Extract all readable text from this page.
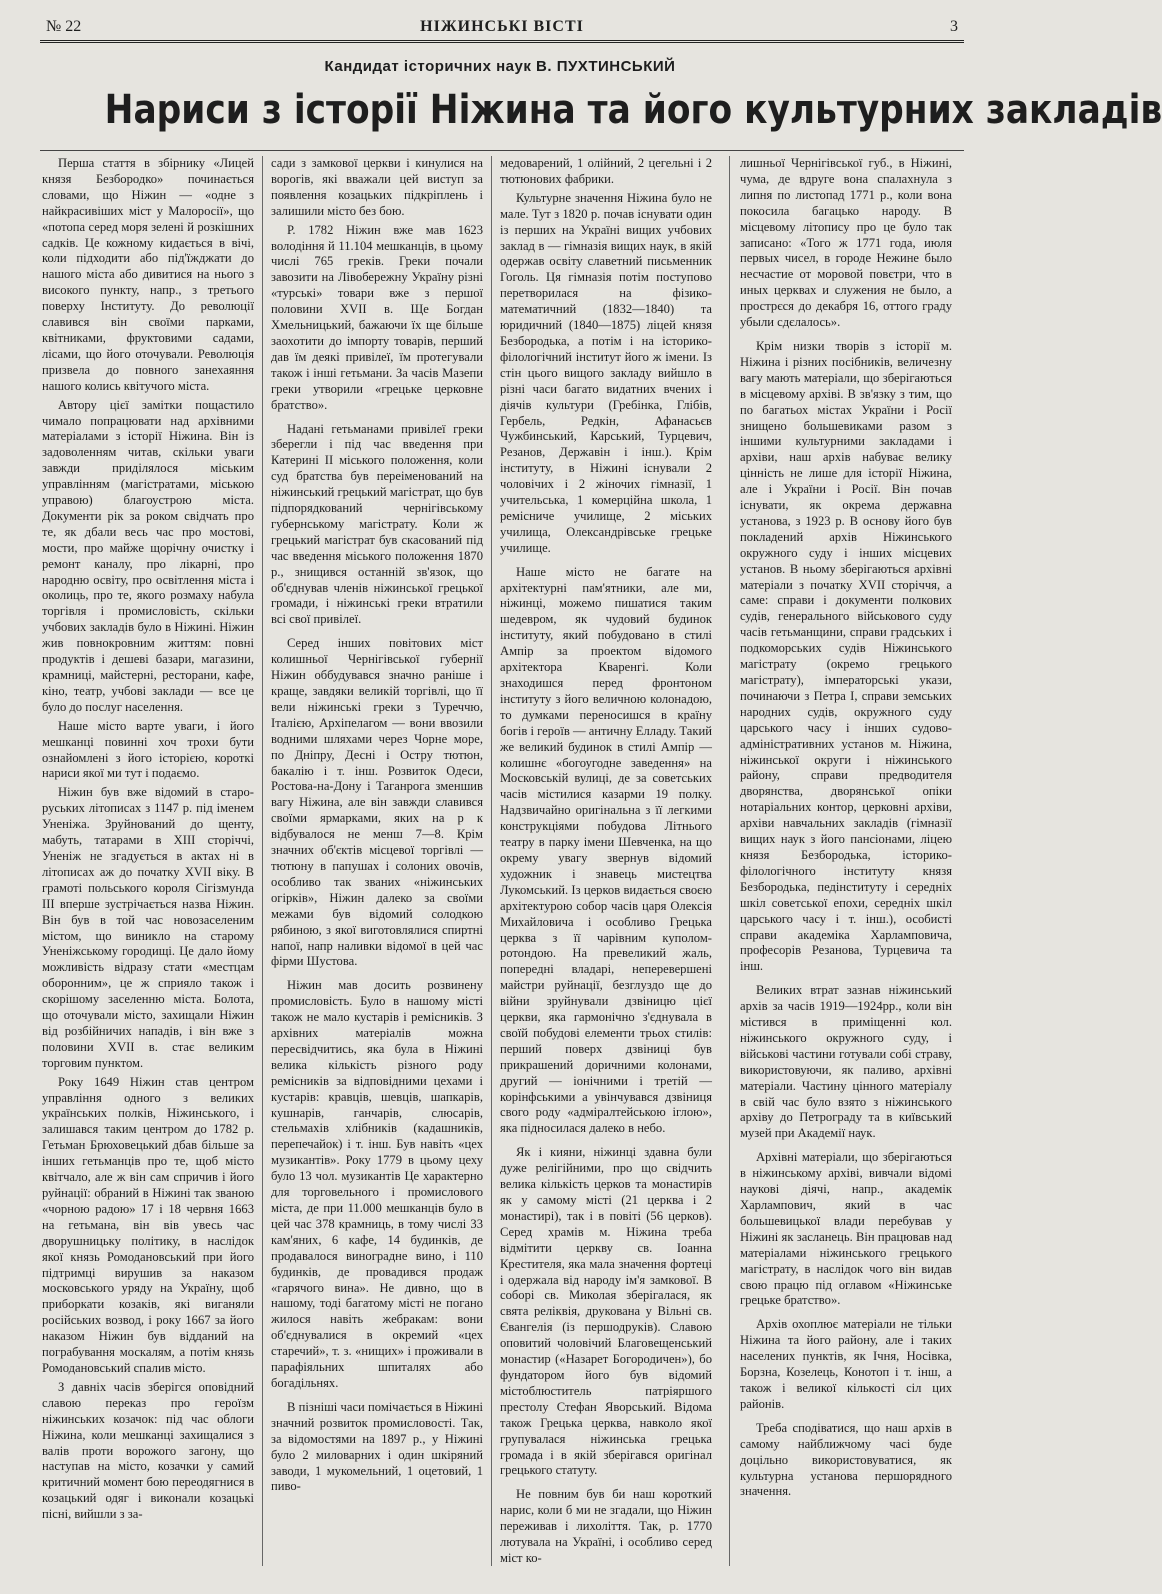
№ 22	НІЖИНСЬКІ ВІСТІ	3
Кандидат історичних наук В. ПУХТИНСЬКИЙ
Нариси з історії Ніжина та його культурних закладів

Перша стаття в збірнику «Лицей князя Безбородко» починається словами, що Ніжин — «одне з найкрасивіших міст у Малоросії», що «потопа серед моря зелені й розкішних садків. Це кожному кидається в вічі, коли підходити або під'їжджати до нашого міста або дивитися на нього з високого пункту, напр., з третього поверху Інституту. До революції славився він своїми парками, квітниками, фруктовими садами, лісами, що його оточували. Революція призвела до повного занехаяння нашого колись квітучого міста.

Автору цієї замітки пощастило чимало попрацювати над архівними матеріалами з історії Ніжина. Він із задоволенням читав, скільки уваги завжди приділялося міським управлінням (магістратами, міською управою) благоустрою міста. Документи рік за роком свідчать про те, як дбали весь час про мостові, мости, про майже щорічну очистку і ремонт каналу, про лікарні, про народню освіту, про освітлення міста і околиць, про те, якого розмаху набула торгівля і промисловість, скільки учбових закладів було в Ніжині. Ніжин жив повнокровним життям: повні продуктів і дешеві базари, магазини, крамниці, майстерні, ресторани, кафе, кіно, театр, учбові заклади — все це було до послуг населення.

Наше місто варте уваги, і його мешканці повинні хоч трохи бути ознайомлені з його історією, короткі нариси якої ми тут і подаємо.

Ніжин був вже відомий в староруських літописах з 1147 р. під іменем Уненіжа. Зруйнований до щенту, мабуть, татарами в XIII сторіччі, Уненіж не згадується в актах ні в літописах аж до початку XVII віку. В грамоті польського короля Сігізмунда III вперше зустрічається назва Ніжин. Він був в той час новозаселеним містом, що виникло на старому Уненіжському городищі. Це дало йому можливість відразу стати «местцам оборонним», це ж сприяло також і скорішому заселенню міста. Болота, що оточували місто, захищали Ніжин від розбійничих нападів, і він вже з половини XVII в. стає великим торговим пунктом.

Року 1649 Ніжин став центром управління одного з великих українських полків, Ніжинського, і залишався таким центром до 1782 р. Гетьман Брюховецький дбав більше за інших гетьманців про те, щоб місто квітчало, але ж він сам спричив і його руйнації: обраний в Ніжині так званою «чорною радою» 17 і 18 червня 1663 на гетьмана, він вів увесь час дворушницьку політику, в наслідок якої князь Ромодановський при його підтримці вирушив за наказом московського уряду на Україну, щоб приборкати козаків, які виганяли російських возвод, і року 1667 за його наказом Ніжин був відданий на пограбування москалям, а потім князь Ромодановський спалив місто.

З давніх часів зберігся оповідний славою переказ про героїзм ніжинських козачок: під час облоги Ніжина, коли мешканці захищалися з валів проти ворожого загону, що наступав на місто, козачки у самий критичний момент бою переодягнися в козацький одяг і виконали козацькі пісні, вийшли з за-

сади з замкової церкви і кинулися на ворогів, які вважали цей виступ за появлення козацьких підкріплень і залишили місто без бою.

Р. 1782 Ніжин вже мав 1623 володіння й 11.104 мешканців, в цьому числі 765 греків. Греки почали завозити на Лівобережну Україну різні «турські» товари вже з першої половини XVII в. Ще Богдан Хмельницький, бажаючи їх ще більше заохотити до імпорту товарів, перший дав їм деякі привілеї, їм протегували також і інші гетьмани. За часів Мазепи греки утворили «грецьке церковне братство».

Надані гетьманами привілеї греки зберегли і під час введення при Катерині II міського положення, коли суд братства був переіменований на ніжинський грецький магістрат, що був підпорядкований чернігівському губернському магістрату. Коли ж грецький магістрат був скасований під час введення міського положення 1870 р., знищився останній зв'язок, що об'єднував членів ніжинської грецької громади, і ніжинські греки втратили всі свої привілеї.

Серед інших повітових міст колишньої Чернігівської губернії Ніжин оббудувався значно раніше і краще, завдяки великій торгівлі, що її вели ніжинські греки з Туреччю, Італією, Архіпелагом — вони ввозили водними шляхами через Чорне море, по Дніпру, Десні і Остру тютюн, бакалію і т. інш. Розвиток Одеси, Ростова-на-Дону і Таганрога зменшив вагу Ніжина, але він завжди славився своїми ярмарками, яких на р к відбувалося не менш 7—8. Крім значних об'єктів місцевої торгівлі — тютюну в папушах і солоних овочів, особливо так званих «ніжинських огірків», Ніжин далеко за своїми межами був відомий солодкою рябиною, з якої виготовлялися спиртні напої, напр наливки відомої в цей час фірми Шустова.

Ніжин мав досить розвинену промисловість. Було в нашому місті також не мало кустарів і ремісників. З архівних матеріалів можна пересвідчитись, яка була в Ніжині велика кількість різного роду ремісників за відповідними цехами і кустарів: кравців, шевців, шапкарів, кушнарів, ганчарів, слюсарів, стельмахів хлібників (кадашників, перепечайок) і т. інш. Був навіть «цех музикантів». Року 1779 в цьому цеху було 13 чол. музикантів Це характерно для торговельного і промислового міста, де при 11.000 мешканців було в цей час 378 крамниць, в тому числі 33 кам'яних, 6 кафе, 14 будинків, де продавалося виноградне вино, і 110 будинків, де провадився продаж «гарячого вина». Не дивно, що в нашому, тоді багатому місті не погано жилося навіть жебракам: вони об'єднувалися в окремий «цех старечий», т. з. «нищих» і проживали в парафіяльних шпиталях або богадільнях.

В пізніші часи помічається в Ніжині значний розвиток промисловості. Так, за відомостями на 1897 р., у Ніжині було 2 миловарних і один шкіряний заводи, 1 мукомельний, 1 оцетовий, 1 пиво-

медоварений, 1 олійний, 2 цегельні і 2 тютюнових фабрики.

Культурне значення Ніжина було не мале. Тут з 1820 р. почав існувати один із перших на Україні вищих учбових заклад в — гімназія вищих наук, в якій одержав освіту славетний письменник Гоголь. Ця гімназія потім поступово перетворилася на фізико-математичний (1832—1840) та юридичний (1840—1875) ліцей князя Безбородька, а потім і на історико-філологічний інститут його ж імени. Із стін цього вищого закладу вийшло в різні часи багато видатних вчених і діячів культури (Гребінка, Глібів, Гербель, Редкін, Афанасьєв Чужбинський, Карський, Турцевич, Резанов, Державін і інш.). Крім інституту, в Ніжині існували 2 чоловічих і 2 жіночих гімназії, 1 учительська, 1 комерційна школа, 1 ремісниче училище, 2 міських училища, Олександрівське грецьке училище.

Наше місто не багате на архітектурні пам'ятники, але ми, ніжинці, можемо пишатися таким шедевром, як чудовий будинок інституту, який побудовано в стилі Ампір за проектом відомого архітектора Кваренгі. Коли знаходишся перед фронтоном інституту з його величною колонадою, то думками переносишся в країну богів і героїв — античну Елладу. Такий же великий будинок в стилі Ампір — колишнє «богоугодне заведення» на Московській вулиці, де за советських часів містилися казарми 19 полку. Надзвичайно оригінальна з її легкими конструкціями побудова Літнього театру в парку імени Шевченка, на що окрему увагу звернув відомий художник і знавець мистецтва Лукомський. Із церков видається своєю архітектурою собор часів царя Олексія Михайловича і особливо Грецька церква з її чарівним куполом-ротондою. На превеликий жаль, попередні владарі, неперевершені майстри руйнації, безглуздо ще до війни зруйнували дзвіницю цієї церкви, яка гармонічно з'єднувала в своїй побудові елементи трьох стилів: перший поверх дзвіниці був прикрашений доричними колонами, другий — іонічними і третій — корінфськими а увінчувався дзвіниця свого роду «адміралтейською іглою», яка підносилася далеко в небо.

Як і кияни, ніжинці здавна були дуже релігійними, про що свідчить велика кількість церков та монастирів як у самому місті (21 церква і 2 монастирі), так і в повіті (56 церков). Серед храмів м. Ніжина треба відмітити церкву св. Іоанна Крестителя, яка мала значення фортеці і одержала від народу ім'я замкової. В соборі св. Миколая зберігалася, як свята реліквія, друкована у Вільні св. Євангелія (із першодруків). Славою оповитий чоловічий Благовещенський монастир («Назарет Богородичен»), бо фундатором його був відомий містоблюститель патріяршого престолу Стефан Яворський. Відома також Грецька церква, навколо якої групувалася ніжинська грецька громада і в якій зберігався оригінал грецького статуту.

Не повним був би наш короткий нарис, коли б ми не згадали, що Ніжин переживав і лихоліття. Так, р. 1770 лютувала на Україні, і особливо серед міст ко-

лишньої Чернігівської губ., в Ніжині, чума, де вдруге вона спалахнула з липня по листопад 1771 р., коли вона покосила багацько народу. В місцевому літопису про це було так записано: «Того ж 1771 года, июля первых чисел, в городе Нежине было несчастие от моровой повєтри, что в иных церквах и служения не было, а прострєся до декабря 16, оттого граду убыли сдєлалось».

Крім низки творів з історії м. Ніжина і різних посібників, величезну вагу мають матеріали, що зберігаються в місцевому архіві. В зв'язку з тим, що по багатьох містах України і Росії знищено большевиками разом з іншими культурними закладами і архіви, наш архів набуває велику цінність не лише для історії Ніжина, але і України і Росії. Він почав існувати, як окрема державна установа, з 1923 р. В основу його був покладений архів Ніжинського окружного суду і інших місцевих установ. В ньому зберігаються архівні матеріали з початку XVII сторіччя, а саме: справи і документи полкових судів, генерального військового суду часів гетьманщини, справи градських і подкоморських судів Ніжинського магістрату (окремо грецького магістрату), імператорські укази, починаючи з Петра І, справи земських народних судів, окружного суду царського часу і інших судово-адміністративних установ м. Ніжина, ніжинської округи і ніжинського району, справи предводителя дворянства, дворянської опіки нотаріальних контор, церковні архіви, архіви навчальних закладів (гімназії вищих наук з його пансіонами, ліцею князя Безбородька, історико-філологічного інституту князя Безбородька, педінституту і середніх шкіл советської епохи, середніх шкіл царського часу і т. інш.), особисті справи академіка Харламповича, професорів Резанова, Турцевича та інш.

Великих втрат зазнав ніжинський архів за часів 1919—1924рр., коли він містився в приміщенні кол. ніжинського окружного суду, і військові частини готували собі страву, використовуючи, як паливо, архівні матеріали. Частину цінного матеріалу в свій час було взято з ніжинського архіву до Петрограду та в київський музей при Академії наук.

Архівні матеріали, що зберігаються в ніжинському архіві, вивчали відомі наукові діячі, напр., академік Харлампович, який в час большевицької влади перебував у Ніжині як засланець. Він працював над матеріалами ніжинського грецького магістрату, в наслідок чого він видав свою працю під оглавом «Ніжинське грецьке братство».

Архів охоплює матеріали не тільки Ніжина та його району, але і таких населених пунктів, як Ічня, Носівка, Борзна, Козелець, Конотоп і т. інш, а також і великої кількості сіл цих районів.

Треба сподіватися, що наш архів в самому найближчому часі буде доцільно використовуватися, як культурна установа першорядного значення.
